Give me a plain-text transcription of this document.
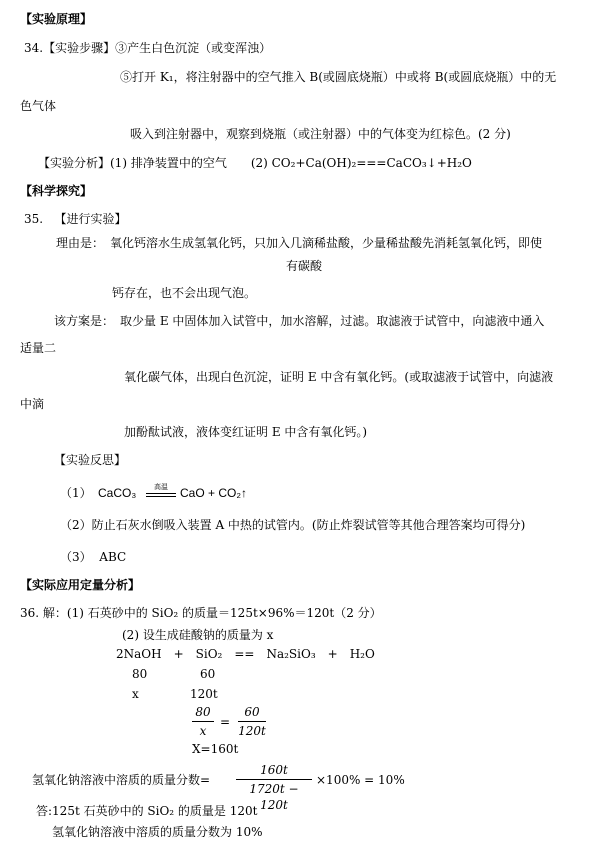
【实验原理】
34.【实验步骤】③产生白色沉淀（或变浑浊）
⑤打开 K₁，将注射器中的空气推入 B(或圆底烧瓶）中或将 B(或圆底烧瓶）中的无
色气体
吸入到注射器中，观察到烧瓶（或注射器）中的气体变为红棕色。(2 分)
【实验分析】(1) 排净装置中的空气　　(2) CO₂+Ca(OH)₂===CaCO₃↓+H₂O
【科学探究】
35. 【进行实验】
理由是：　氧化钙溶水生成氢氧化钙，只加入几滴稀盐酸，少量稀盐酸先消耗氢氧化钙，即使
有碳酸
钙存在，也不会出现气泡。
该方案是：　取少量 E 中固体加入试管中，加水溶解，过滤。取滤液于试管中，向滤液中通入
适量二
氧化碳气体，出现白色沉淀，证明 E 中含有氧化钙。(或取滤液于试管中，向滤液
中滴
加酚酞试液，液体变红证明 E 中含有氧化钙。)
【实验反思】
（1） CaCO₃	高温	CaO + CO₂↑
（2）防止石灰水倒吸入装置 A 中热的试管内。(防止炸裂试管等其他合理答案均可得分)
（3） ABC
【实际应用定量分析】
36. 解：(1) 石英砂中的 SiO₂ 的质量＝125t×96%＝120t（2 分）
(2) 设生成硅酸钠的质量为 x
2NaOH　+　SiO₂　==　Na₂SiO₃　+　H₂O
80	60
x	120t
80
x
=
60
120t
X=160t
氢氧化钠溶液中溶质的质量分数=
160t
1720t − 120t
×100% = 10%
答:125t 石英砂中的 SiO₂ 的质量是 120t
氢氧化钠溶液中溶质的质量分数为 10%
